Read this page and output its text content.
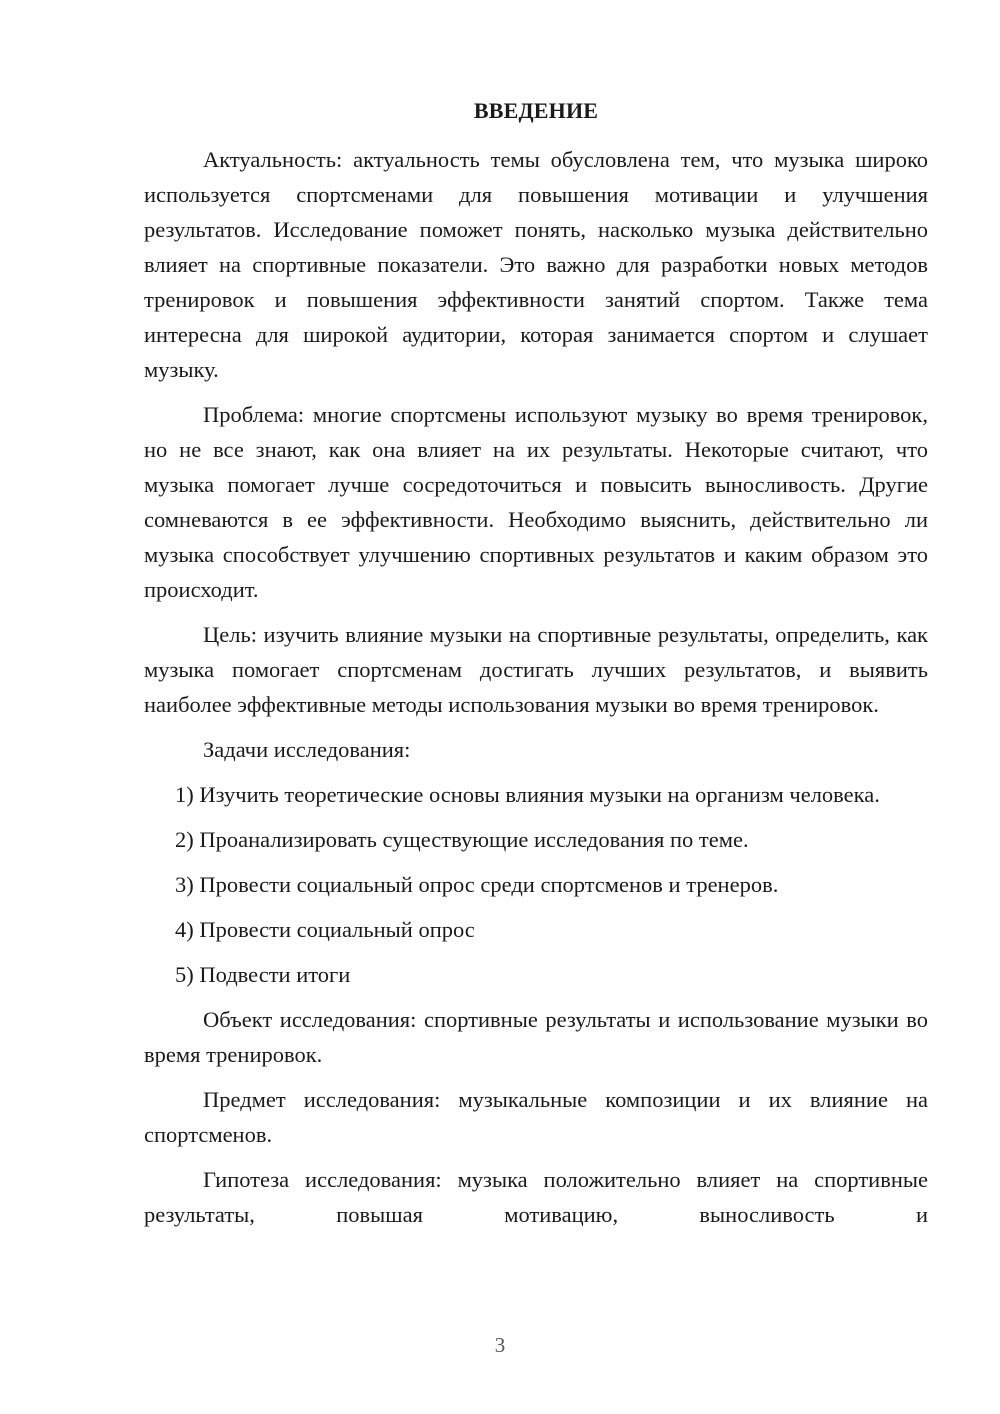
ВВЕДЕНИЕ

Актуальность: актуальность темы обусловлена тем, что музыка широко используется спортсменами для повышения мотивации и улучшения результатов. Исследование поможет понять, насколько музыка действительно влияет на спортивные показатели. Это важно для разработки новых методов тренировок и повышения эффективности занятий спортом. Также тема интересна для широкой аудитории, которая занимается спортом и слушает музыку.

Проблема: многие спортсмены используют музыку во время тренировок, но не все знают, как она влияет на их результаты. Некоторые считают, что музыка помогает лучше сосредоточиться и повысить выносливость. Другие сомневаются в ее эффективности. Необходимо выяснить, действительно ли музыка способствует улучшению спортивных результатов и каким образом это происходит.

Цель: изучить влияние музыки на спортивные результаты, определить, как музыка помогает спортсменам достигать лучших результатов, и выявить наиболее эффективные методы использования музыки во время тренировок.

Задачи исследования:

1) Изучить теоретические основы влияния музыки на организм человека.

2) Проанализировать существующие исследования по теме.

3) Провести социальный опрос среди спортсменов и тренеров.

4) Провести социальный опрос

5) Подвести итоги

Объект исследования: спортивные результаты и использование музыки во время тренировок.

Предмет исследования: музыкальные композиции и их влияние на спортсменов.

Гипотеза исследования: музыка положительно влияет на спортивные результаты, повышая мотивацию, выносливость и

3
